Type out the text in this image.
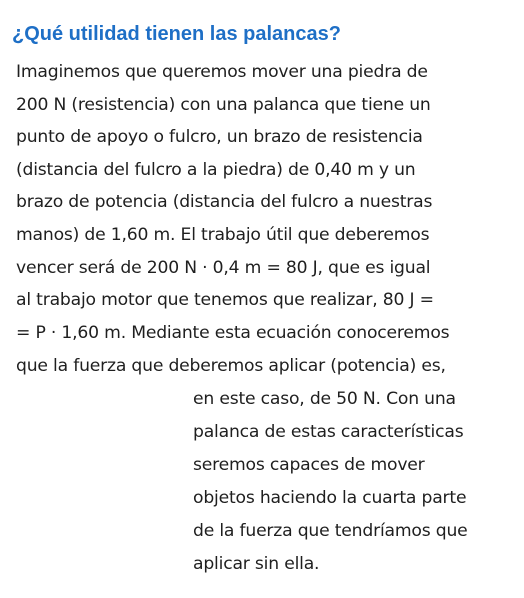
¿Qué utilidad tienen las palancas?

Imaginemos que queremos mover una piedra de

200 N (resistencia) con una palanca que tiene un

punto de apoyo o fulcro, un brazo de resistencia

(distancia del fulcro a la piedra) de 0,40 m y un

brazo de potencia (distancia del fulcro a nuestras

manos) de 1,60 m. El trabajo útil que deberemos

vencer será de 200 N · 0,4 m = 80 J, que es igual

al trabajo motor que tenemos que realizar, 80 J =

= P · 1,60 m. Mediante esta ecuación conoceremos

que la fuerza que deberemos aplicar (potencia) es,

en este caso, de 50 N. Con una

palanca de estas características

seremos capaces de mover

objetos haciendo la cuarta parte

de la fuerza que tendríamos que

aplicar sin ella.
